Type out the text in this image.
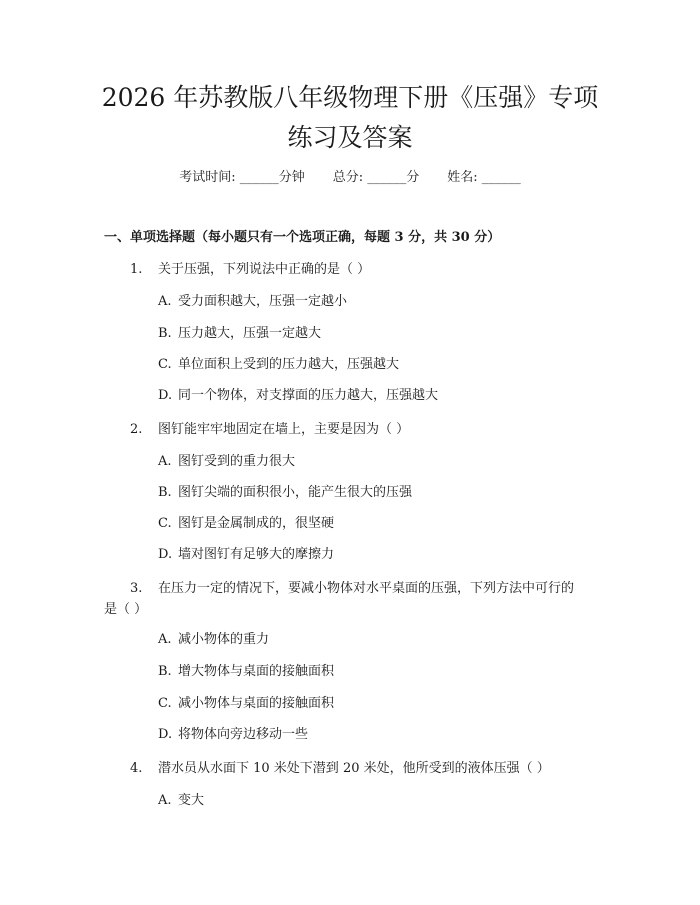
2026 年苏教版八年级物理下册《压强》专项
练习及答案
考试时间: ______分钟 总分: ______分 姓名: ______
一、单项选择题（每小题只有一个选项正确，每题 3 分，共 30 分）
1. 关于压强，下列说法中正确的是（ ）
A. 受力面积越大，压强一定越小
B. 压力越大，压强一定越大
C. 单位面积上受到的压力越大，压强越大
D. 同一个物体，对支撑面的压力越大，压强越大
2. 图钉能牢牢地固定在墙上，主要是因为（ ）
A. 图钉受到的重力很大
B. 图钉尖端的面积很小，能产生很大的压强
C. 图钉是金属制成的，很坚硬
D. 墙对图钉有足够大的摩擦力
3. 在压力一定的情况下，要减小物体对水平桌面的压强，下列方法中可行的
是（ ）
A. 减小物体的重力
B. 增大物体与桌面的接触面积
C. 减小物体与桌面的接触面积
D. 将物体向旁边移动一些
4. 潜水员从水面下 10 米处下潜到 20 米处，他所受到的液体压强（ ）
A. 变大
